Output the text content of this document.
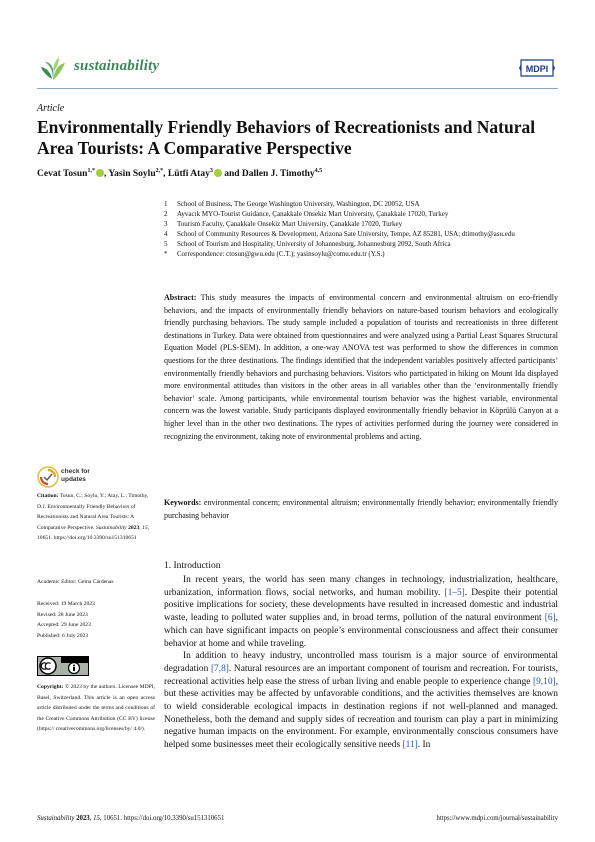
sustainability	MDPI
Article
Environmentally Friendly Behaviors of Recreationists and Natural Area Tourists: A Comparative Perspective
Cevat Tosun$^{1,*}$ , Yasin Soylu$^{2,*}$, Lütfi Atay$^3$ and Dallen J. Timothy$^{4,5}$
1	School of Business, The George Washington University, Washington, DC 20052, USA
2	Ayvacık MYO-Tourist Guidance, Çanakkale Onsekiz Mart University, Çanakkale 17020, Turkey
3	Tourism Faculty, Çanakkale Onsekiz Mart University, Çanakkale 17020, Turkey
4	School of Community Resources & Development, Arizona Sate University, Tempe, AZ 85281, USA; dtimothy@asu.edu
5	School of Tourism and Hospitality, University of Johannesburg, Johannesburg 2092, South Africa
*	Correspondence: ctosun@gwu.edu (C.T.); yasinsoylu@comu.edu.tr (Y.S.)
Abstract: This study measures the impacts of environmental concern and environmental altruism on eco-friendly behaviors, and the impacts of environmentally friendly behaviors on nature-based tourism behaviors and ecologically friendly purchasing behaviors. The study sample included a population of tourists and recreationists in three different destinations in Turkey. Data were obtained from questionnaires and were analyzed using a Partial Least Squares Structural Equation Model (PLS-SEM). In addition, a one-way ANOVA test was performed to show the differences in common questions for the three destinations. The findings identified that the independent variables positively affected participants’ environmentally friendly behaviors and purchasing behaviors. Visitors who participated in hiking on Mount Ida displayed more environmental attitudes than visitors in the other areas in all variables other than the ‘environmentally friendly behavior’ scale. Among participants, while environmental tourism behavior was the highest variable, environmental concern was the lowest variable. Study participants displayed environmentally friendly behavior in Köprülü Canyon at a higher level than in the other two destinations. The types of activities performed during the journey were considered in recognizing the environment, taking note of environmental problems and acting.
Keywords: environmental concern; environmental altruism; environmentally friendly behavior; environmentally friendly purchasing behavior
check for
updates
Citation: Tosun, C.; Soylu, Y.; Atay, L.; Timothy, D.J. Environmentally Friendly Behaviors of Recreationists and Natural Area Tourists: A Comparative Perspective. Sustainability 2023, 15, 10651. https://doi.org/10.3390/su151310651
Academic Editor: Gema Cárdenas
Received: 19 March 2023
Revised: 28 June 2023
Accepted: 29 June 2023
Published: 6 July 2023
Copyright: © 2023 by the authors. Licensee MDPI, Basel, Switzerland. This article is an open access article distributed under the terms and conditions of the Creative Commons Attribution (CC BY) license (https:// creativecommons.org/licenses/by/ 4.0/).
1. Introduction

In recent years, the world has seen many changes in technology, industrialization, healthcare, urbanization, information flows, social networks, and human mobility. [1–5]. Despite their potential positive implications for society, these developments have resulted in increased domestic and industrial waste, leading to polluted water supplies and, in broad terms, pollution of the natural environment [6], which can have significant impacts on people’s environmental consciousness and affect their consumer behavior at home and while traveling.

In addition to heavy industry, uncontrolled mass tourism is a major source of environmental degradation [7,8]. Natural resources are an important component of tourism and recreation. For tourists, recreational activities help ease the stress of urban living and enable people to experience change [9,10], but these activities may be affected by unfavorable conditions, and the activities themselves are known to wield considerable ecological impacts in destination regions if not well-planned and managed. Nonetheless, both the demand and supply sides of recreation and tourism can play a part in minimizing negative human impacts on the environment. For example, environmentally conscious consumers have helped some businesses meet their ecologically sensitive needs [11]. In

Sustainability 2023, 15, 10651. https://doi.org/10.3390/su151310651	https://www.mdpi.com/journal/sustainability
